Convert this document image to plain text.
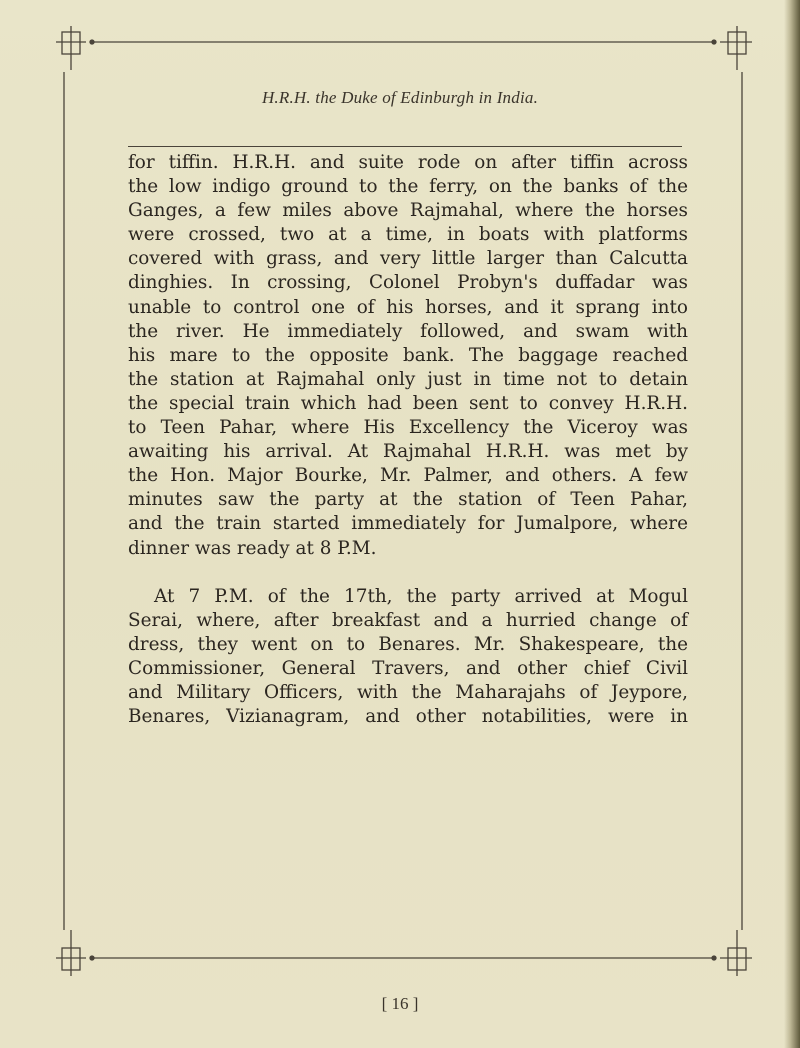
H.R.H. the Duke of Edinburgh in India.
for tiffin. H.R.H. and suite rode on after tiffin across
the low indigo ground to the ferry, on the banks of the
Ganges, a few miles above Rajmahal, where the horses
were crossed, two at a time, in boats with platforms
covered with grass, and very little larger than Calcutta
dinghies. In crossing, Colonel Probyn's duffadar was
unable to control one of his horses, and it sprang into
the river. He immediately followed, and swam with
his mare to the opposite bank. The baggage reached
the station at Rajmahal only just in time not to detain
the special train which had been sent to convey H.R.H.
to Teen Pahar, where His Excellency the Viceroy was
awaiting his arrival. At Rajmahal H.R.H. was met by
the Hon. Major Bourke, Mr. Palmer, and others. A few
minutes saw the party at the station of Teen Pahar,
and the train started immediately for Jumalpore, where
dinner was ready at 8 P.M.
At 7 P.M. of the 17th, the party arrived at Mogul
Serai, where, after breakfast and a hurried change of
dress, they went on to Benares. Mr. Shakespeare, the
Commissioner, General Travers, and other chief Civil
and Military Officers, with the Maharajahs of Jeypore,
Benares, Vizianagram, and other notabilities, were in
[ 16 ]
